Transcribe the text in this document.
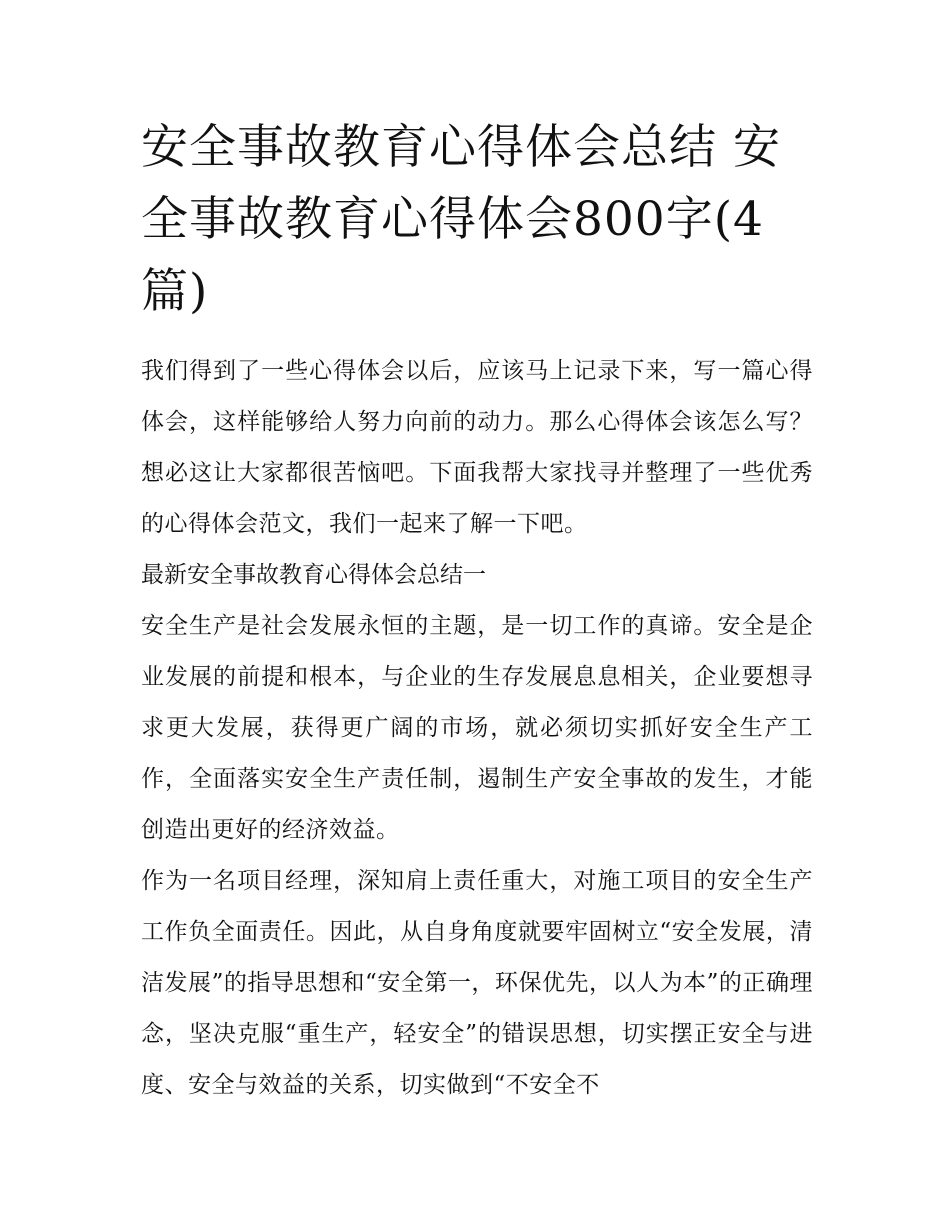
安全事故教育心得体会总结 安全事故教育心得体会800字(4篇)

我们得到了一些心得体会以后，应该马上记录下来，写一篇心得体会，这样能够给人努力向前的动力。那么心得体会该怎么写？想必这让大家都很苦恼吧。下面我帮大家找寻并整理了一些优秀的心得体会范文，我们一起来了解一下吧。

最新安全事故教育心得体会总结一

安全生产是社会发展永恒的主题，是一切工作的真谛。安全是企业发展的前提和根本，与企业的生存发展息息相关，企业要想寻求更大发展，获得更广阔的市场，就必须切实抓好安全生产工作，全面落实安全生产责任制，遏制生产安全事故的发生，才能创造出更好的经济效益。

作为一名项目经理，深知肩上责任重大，对施工项目的安全生产工作负全面责任。因此，从自身角度就要牢固树立“安全发展，清洁发展”的指导思想和“安全第一，环保优先，以人为本”的正确理念，坚决克服“重生产，轻安全”的错误思想，切实摆正安全与进度、安全与效益的关系，切实做到“不安全不
